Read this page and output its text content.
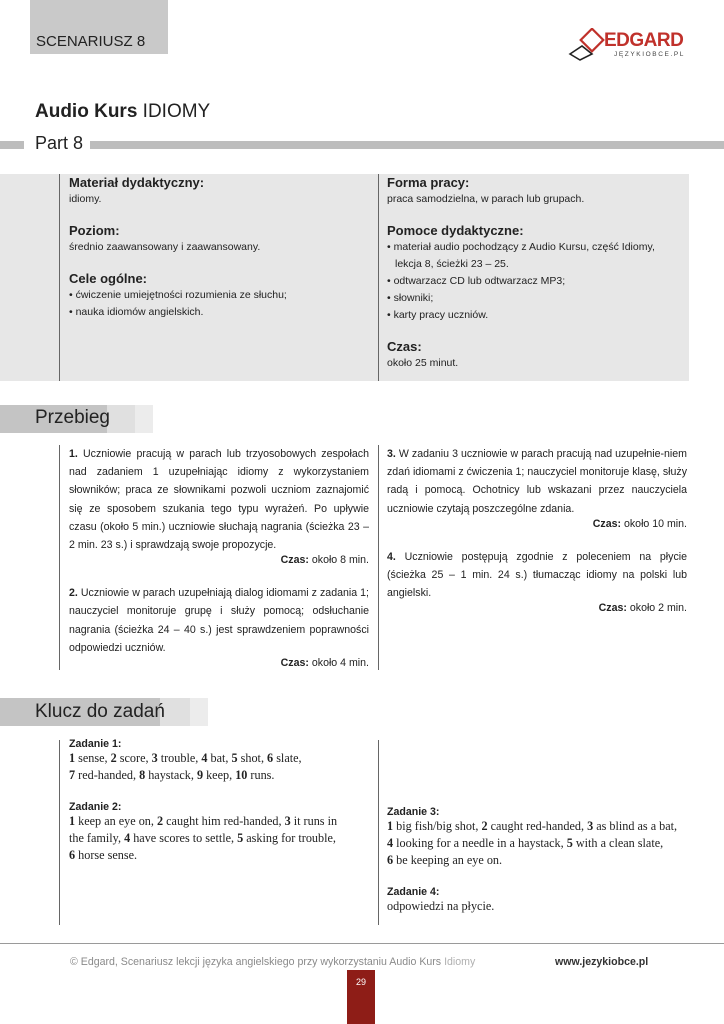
SCENARIUSZ 8	EDGARD
JĘZYKIOBCE.PL
Audio Kurs IDIOMY
Part 8
Materiał dydaktyczny:
idiomy.
Poziom:
średnio zaawansowany i zaawansowany.
Cele ogólne:
• ćwiczenie umiejętności rozumienia ze słuchu;
• nauka idiomów angielskich.
Forma pracy:
praca samodzielna, w parach lub grupach.
Pomoce dydaktyczne:
• materiał audio pochodzący z Audio Kursu, część Idiomy,
lekcja 8, ścieżki 23 – 25.
• odtwarzacz CD lub odtwarzacz MP3;
• słowniki;
• karty pracy uczniów.
Czas:
około 25 minut.
Przebieg
1. Uczniowie pracują w parach lub trzyosobowych zespołach nad zadaniem 1 uzupełniając idiomy z wykorzystaniem słowników; praca ze słownikami pozwoli uczniom zaznajomić się ze sposobem szukania tego typu wyrażeń. Po upływie czasu (około 5 min.) uczniowie słuchają nagrania (ścieżka 23 – 2 min. 23 s.) i sprawdzają swoje propozycje.
Czas: około 8 min.
2. Uczniowie w parach uzupełniają dialog idiomami z zadania 1; nauczyciel monitoruje grupę i służy pomocą; odsłuchanie nagrania (ścieżka 24 – 40 s.) jest sprawdzeniem poprawności odpowiedzi uczniów.
Czas: około 4 min.
3. W zadaniu 3 uczniowie w parach pracują nad uzupełnie-niem zdań idiomami z ćwiczenia 1; nauczyciel monitoruje klasę, służy radą i pomocą. Ochotnicy lub wskazani przez nauczyciela uczniowie czytają poszczególne zdania.
Czas: około 10 min.
4. Uczniowie postępują zgodnie z poleceniem na płycie (ścieżka 25 – 1 min. 24 s.) tłumacząc idiomy na polski lub angielski.
Czas: około 2 min.
Klucz do zadań
Zadanie 1:
1 sense, 2 score, 3 trouble, 4 bat, 5 shot, 6 slate,
7 red-handed, 8 haystack, 9 keep, 10 runs.
Zadanie 2:
1 keep an eye on, 2 caught him red-handed, 3 it runs in
the family, 4 have scores to settle, 5 asking for trouble,
6 horse sense.
Zadanie 3:
1 big fish/big shot, 2 caught red-handed, 3 as blind as a bat,
4 looking for a needle in a haystack, 5 with a clean slate,
6 be keeping an eye on.
Zadanie 4:
odpowiedzi na płycie.
© Edgard, Scenariusz lekcji języka angielskiego przy wykorzystaniu Audio Kurs Idiomy	www.jezykiobce.pl
29
